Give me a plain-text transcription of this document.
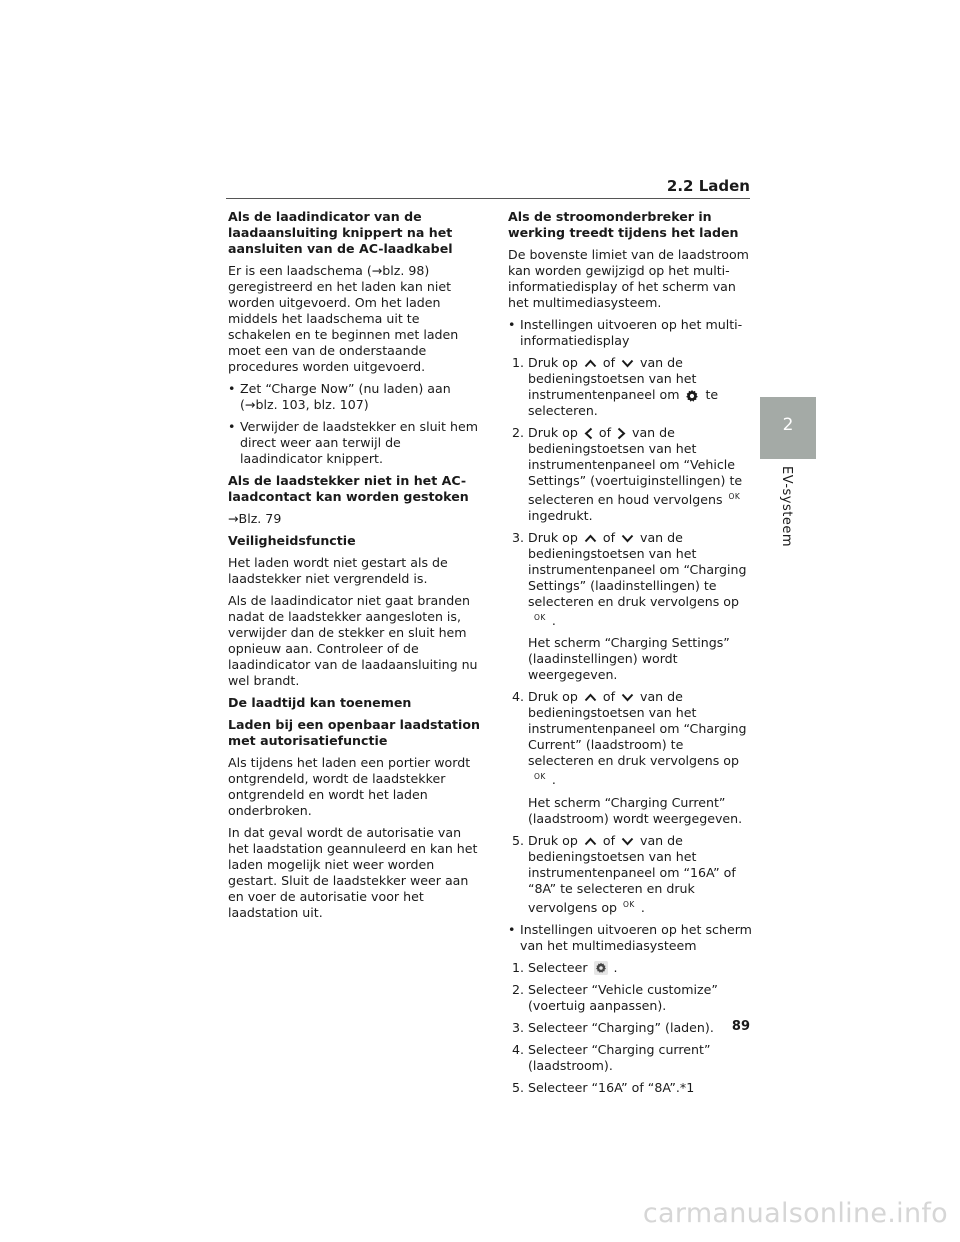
2.2 Laden

Als de laadindicator van de laadaansluiting knippert na het aansluiten van de AC-laadkabel

Er is een laadschema (→blz. 98) geregistreerd en het laden kan niet worden uitgevoerd. Om het laden middels het laadschema uit te schakelen en te beginnen met laden moet een van de onderstaande procedures worden uitgevoerd.

• Zet “Charge Now” (nu laden) aan (→blz. 103, blz. 107)
• Verwijder de laadstekker en sluit hem direct weer aan terwijl de laadindicator knippert.

Als de laadstekker niet in het AC-laadcontact kan worden gestoken

→Blz. 79

Veiligheidsfunctie

Het laden wordt niet gestart als de laadstekker niet vergrendeld is.

Als de laadindicator niet gaat branden nadat de laadstekker aangesloten is, verwijder dan de stekker en sluit hem opnieuw aan. Controleer of de laadindicator van de laadaansluiting nu wel brandt.

De laadtijd kan toenemen

Laden bij een openbaar laadstation met autorisatiefunctie

Als tijdens het laden een portier wordt ontgrendeld, wordt de laadstekker ontgrendeld en wordt het laden onderbroken.

In dat geval wordt de autorisatie van het laadstation geannuleerd en kan het laden mogelijk niet weer worden gestart. Sluit de laadstekker weer aan en voer de autorisatie voor het laadstation uit.

Als de stroomonderbreker in werking treedt tijdens het laden

De bovenste limiet van de laadstroom kan worden gewijzigd op het multi-informatiedisplay of het scherm van het multimediasysteem.

• Instellingen uitvoeren op het multi-informatiedisplay
1. Druk op of van de bedieningstoetsen van het instrumentenpaneel om te selecteren.
2. Druk op of van de bedieningstoetsen van het instrumentenpaneel om “Vehicle Settings” (voertuiginstellingen) te selecteren en houd vervolgens OKingedrukt.
3. Druk op of van de bedieningstoetsen van het instrumentenpaneel om “Charging Settings” (laadinstellingen) te selecteren en druk vervolgens opOK .

Het scherm “Charging Settings” (laadinstellingen) wordt weergegeven.

4. Druk op of van de bedieningstoetsen van het instrumentenpaneel om “Charging Current” (laadstroom) te selecteren en druk vervolgens opOK .

Het scherm “Charging Current” (laadstroom) wordt weergegeven.

5. Druk op of van de bedieningstoetsen van het instrumentenpaneel om “16A” of “8A” te selecteren en druk vervolgens op OK .
• Instellingen uitvoeren op het scherm van het multimediasysteem
1. Selecteer .
2. Selecteer “Vehicle customize” (voertuig aanpassen).
3. Selecteer “Charging” (laden).
4. Selecteer “Charging current” (laadstroom).
5. Selecteer “16A” of “8A”.*1
2
EV-systeem
89
carmanualsonline.info
